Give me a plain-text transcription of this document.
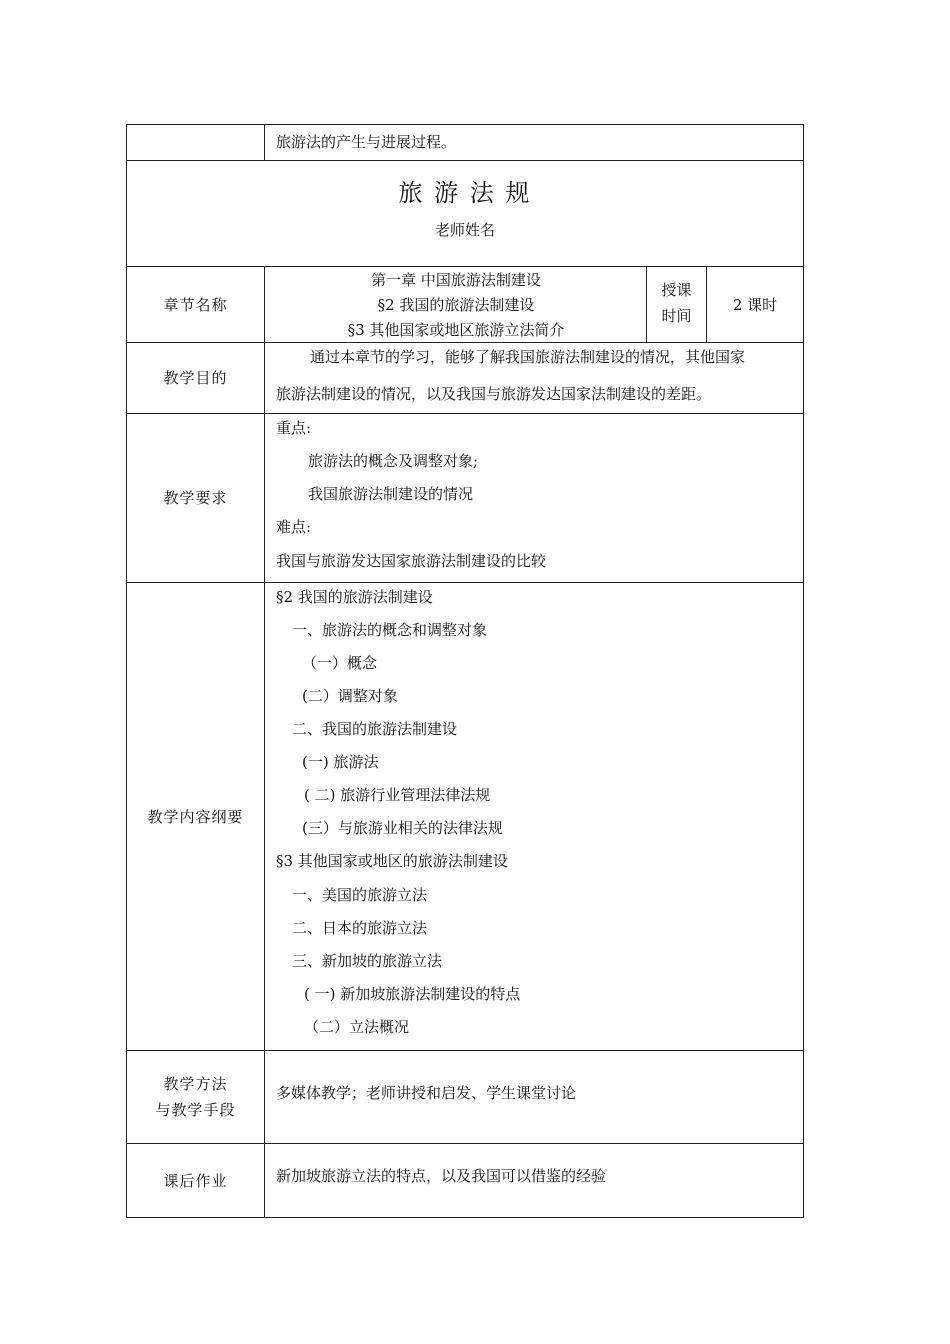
旅游法的产生与进展过程。
旅 游 法 规
老师姓名
章节名称
第一章 中国旅游法制建设
§2 我国的旅游法制建设
§3 其他国家或地区旅游立法简介
授课
时间
2 课时
教学目的
通过本章节的学习，能够了解我国旅游法制建设的情况，其他国家
旅游法制建设的情况，以及我国与旅游发达国家法制建设的差距。
教学要求
重点:
旅游法的概念及调整对象;
我国旅游法制建设的情况
难点:
我国与旅游发达国家旅游法制建设的比较
教学内容纲要
§2 我国的旅游法制建设
一、旅游法的概念和调整对象
（一）概念
(二）调整对象
二、我国的旅游法制建设
(一) 旅游法
( 二) 旅游行业管理法律法规
(三）与旅游业相关的法律法规
§3 其他国家或地区的旅游法制建设
一、美国的旅游立法
二、日本的旅游立法
三、新加坡的旅游立法
( 一) 新加坡旅游法制建设的特点
（二）立法概况
教学方法
与教学手段
多媒体教学；老师讲授和启发、学生课堂讨论
课后作业	新加坡旅游立法的特点，以及我国可以借鉴的经验
